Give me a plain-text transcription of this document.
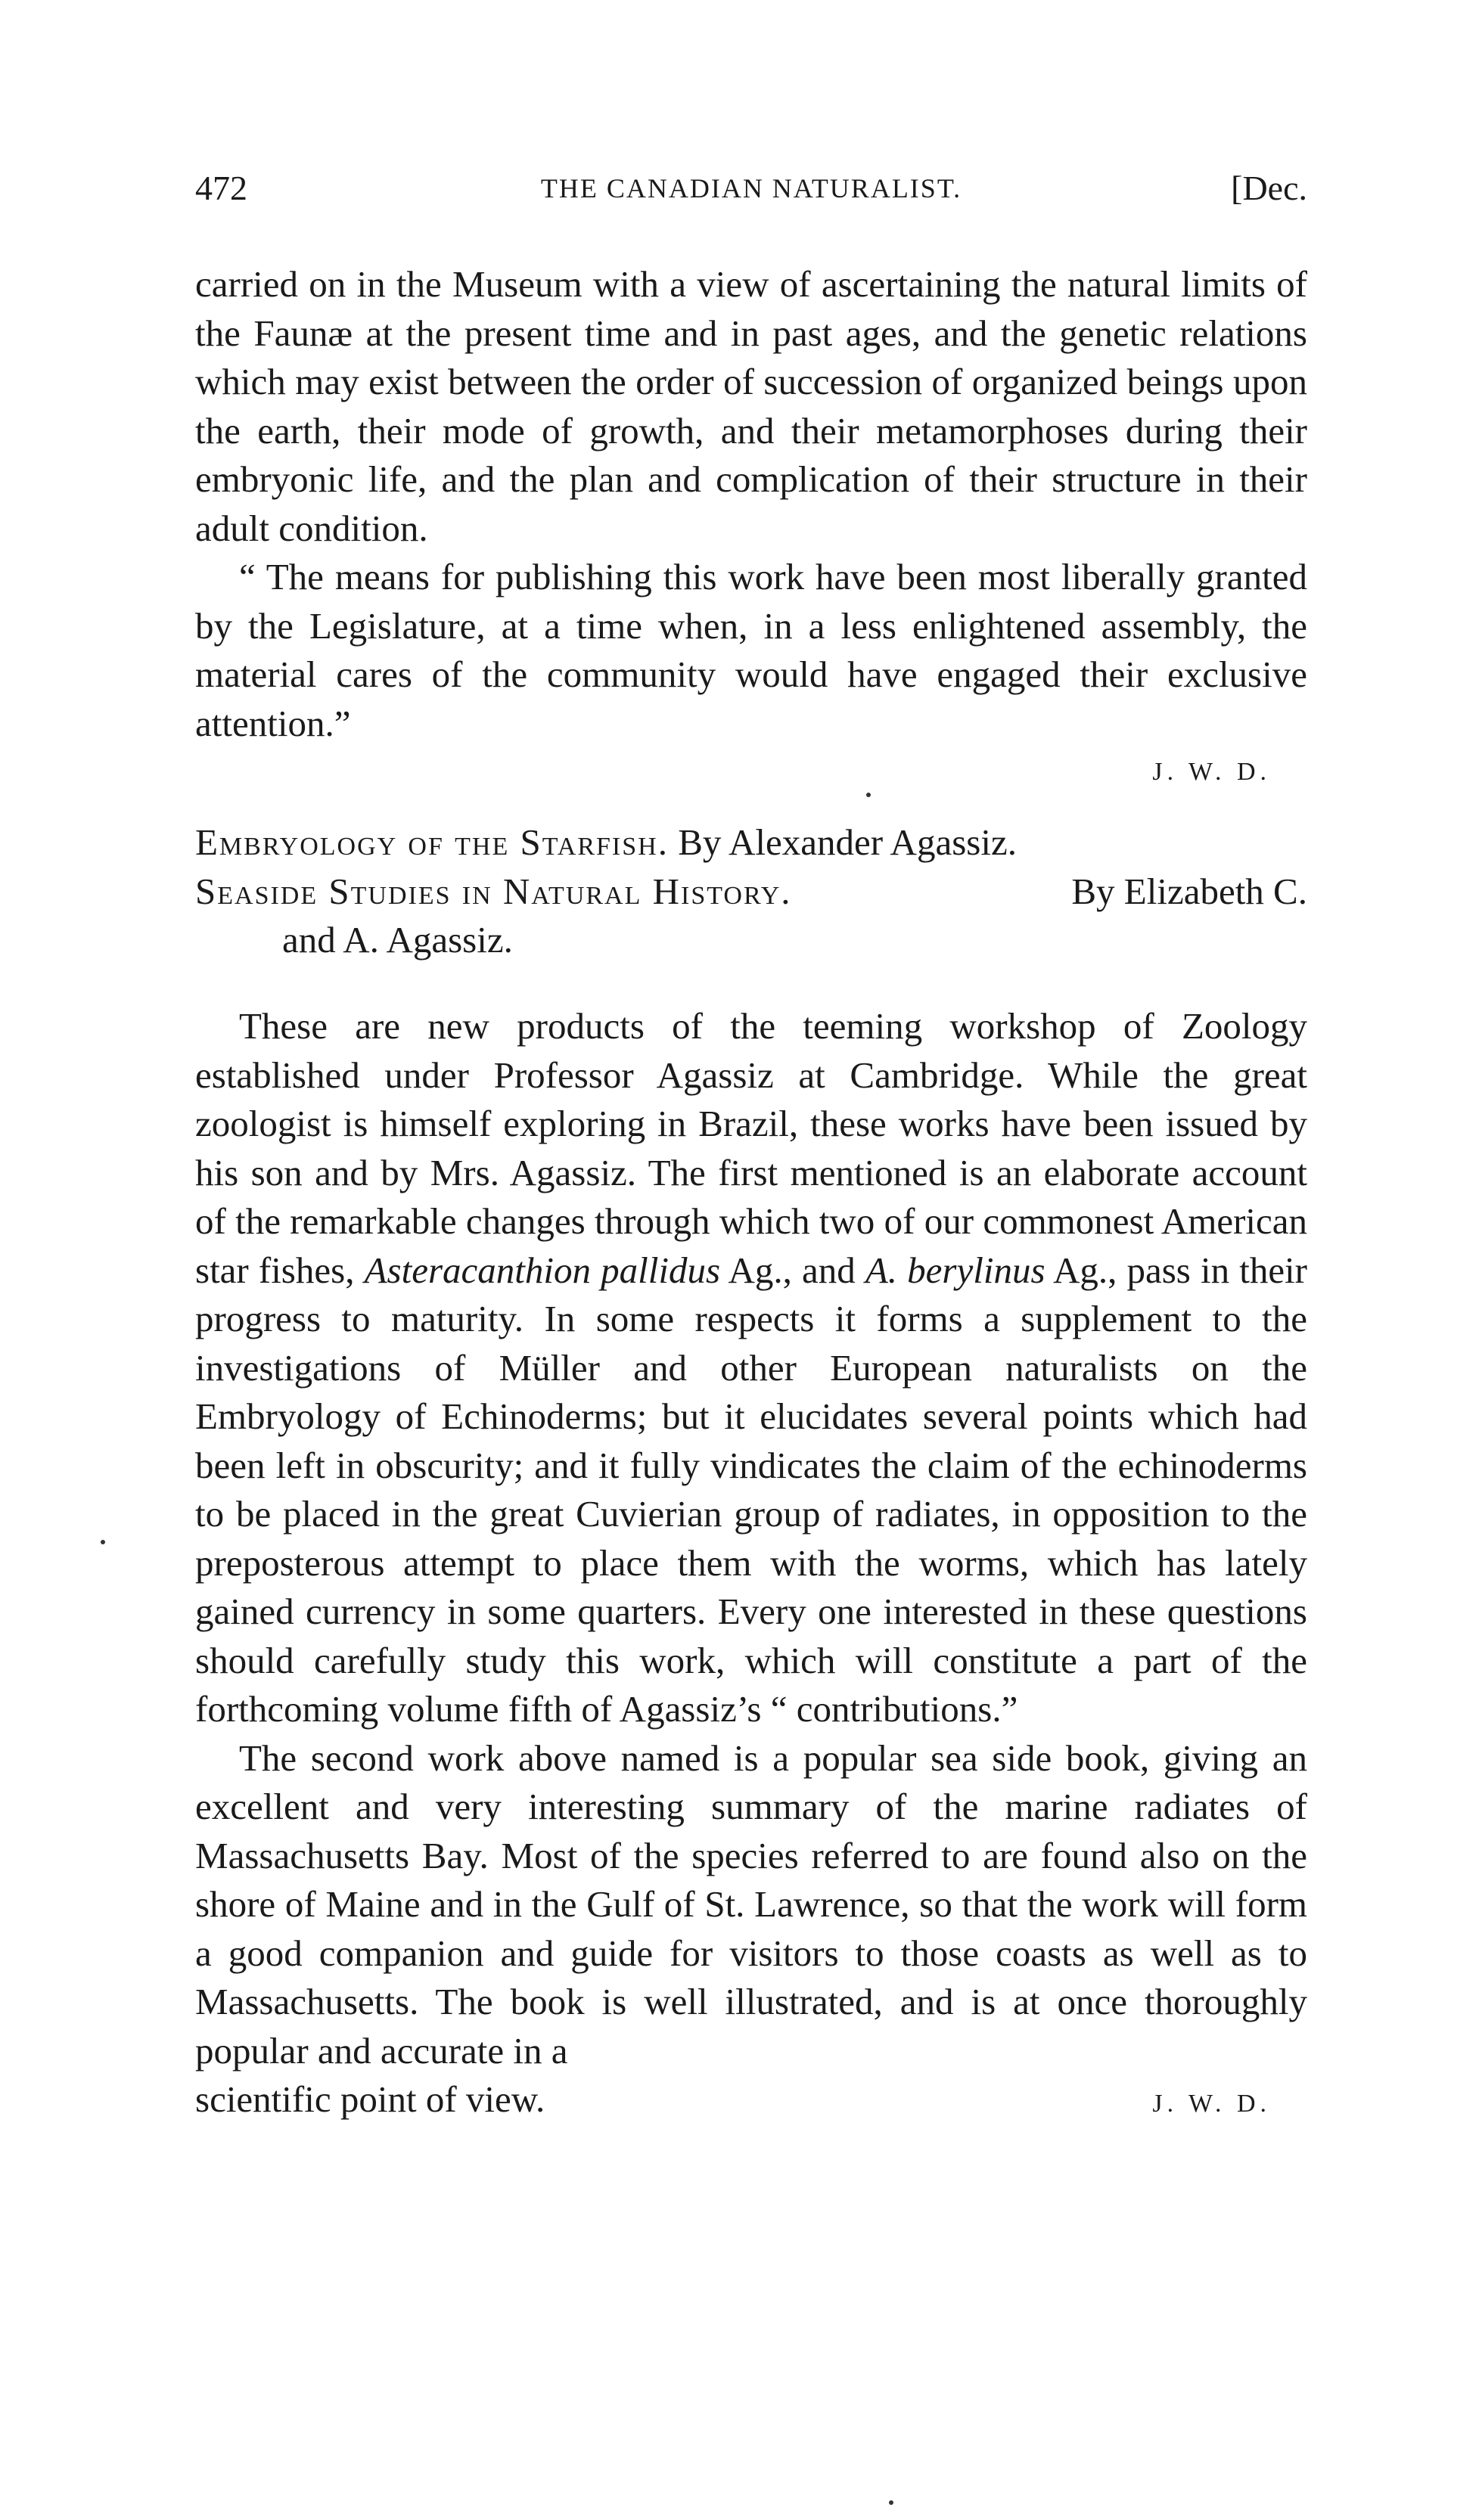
472	THE CANADIAN NATURALIST.	[Dec.

carried on in the Museum with a view of ascertaining the natural limits of the Faunæ at the present time and in past ages, and the genetic relations which may exist between the order of succession of organized beings upon the earth, their mode of growth, and their metamorphoses during their embryonic life, and the plan and complication of their structure in their adult condition.

“ The means for publishing this work have been most liberally granted by the Legislature, at a time when, in a less enlightened assembly, the material cares of the community would have engaged their exclusive attention.”

J. W. D.

Embryology of the Starfish. By Alexander Agassiz.

Seaside Studies in Natural History.	By Elizabeth C.

and A. Agassiz.

These are new products of the teeming workshop of Zoology established under Professor Agassiz at Cambridge. While the great zoologist is himself exploring in Brazil, these works have been issued by his son and by Mrs. Agassiz. The first mentioned is an elaborate account of the remarkable changes through which two of our commonest American star fishes, Asteracanthion pallidus Ag., and A. berylinus Ag., pass in their progress to maturity. In some respects it forms a supplement to the investigations of Müller and other European naturalists on the Embryology of Echinoderms; but it elucidates several points which had been left in obscurity; and it fully vindicates the claim of the echinoderms to be placed in the great Cuvierian group of radiates, in opposition to the preposterous attempt to place them with the worms, which has lately gained currency in some quarters. Every one interested in these questions should carefully study this work, which will constitute a part of the forthcoming volume fifth of Agassiz’s “ contributions.”

The second work above named is a popular sea side book, giving an excellent and very interesting summary of the marine radiates of Massachusetts Bay. Most of the species referred to are found also on the shore of Maine and in the Gulf of St. Lawrence, so that the work will form a good companion and guide for visitors to those coasts as well as to Massachusetts. The book is well illustrated, and is at once thoroughly popular and accurate in a

scientific point of view.	J. W. D.
